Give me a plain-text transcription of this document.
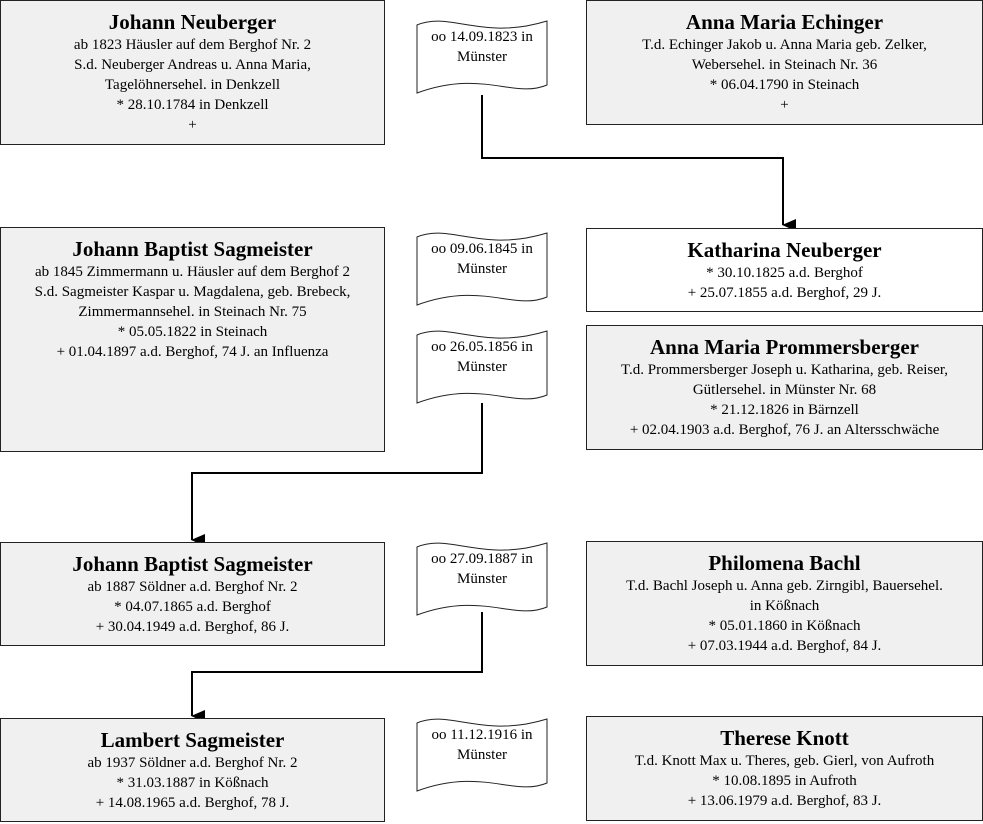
Johann Neuberger
ab 1823 Häusler auf dem Berghof Nr. 2
S.d. Neuberger Andreas u. Anna Maria,
Tagelöhnersehel. in Denkzell
* 28.10.1784 in Denkzell
+
Anna Maria Echinger
T.d. Echinger Jakob u. Anna Maria geb. Zelker,
Webersehel. in Steinach Nr. 36
* 06.04.1790 in Steinach
+
Johann Baptist Sagmeister
ab 1845 Zimmermann u. Häusler auf dem Berghof 2
S.d. Sagmeister Kaspar u. Magdalena, geb. Brebeck,
Zimmermannsehel. in Steinach Nr. 75
* 05.05.1822 in Steinach
+ 01.04.1897 a.d. Berghof, 74 J. an Influenza
Katharina Neuberger
* 30.10.1825 a.d. Berghof
+ 25.07.1855 a.d. Berghof, 29 J.
Anna Maria Prommersberger
T.d. Prommersberger Joseph u. Katharina, geb. Reiser,
Gütlersehel. in Münster Nr. 68
* 21.12.1826 in Bärnzell
+ 02.04.1903 a.d. Berghof, 76 J. an Altersschwäche
Johann Baptist Sagmeister
ab 1887 Söldner a.d. Berghof Nr. 2
* 04.07.1865 a.d. Berghof
+ 30.04.1949 a.d. Berghof, 86 J.
Philomena Bachl
T.d. Bachl Joseph u. Anna geb. Zirngibl, Bauersehel.
in Kößnach
* 05.01.1860 in Kößnach
+ 07.03.1944 a.d. Berghof, 84 J.
Lambert Sagmeister
ab 1937 Söldner a.d. Berghof Nr. 2
* 31.03.1887 in Kößnach
+ 14.08.1965 a.d. Berghof, 78 J.
Therese Knott
T.d. Knott Max u. Theres, geb. Gierl, von Aufroth
* 10.08.1895 in Aufroth
+ 13.06.1979 a.d. Berghof, 83 J.
oo 14.09.1823 in Münster
oo 09.06.1845 in Münster
oo 26.05.1856 in Münster
oo 27.09.1887 in Münster
oo 11.12.1916 in Münster
